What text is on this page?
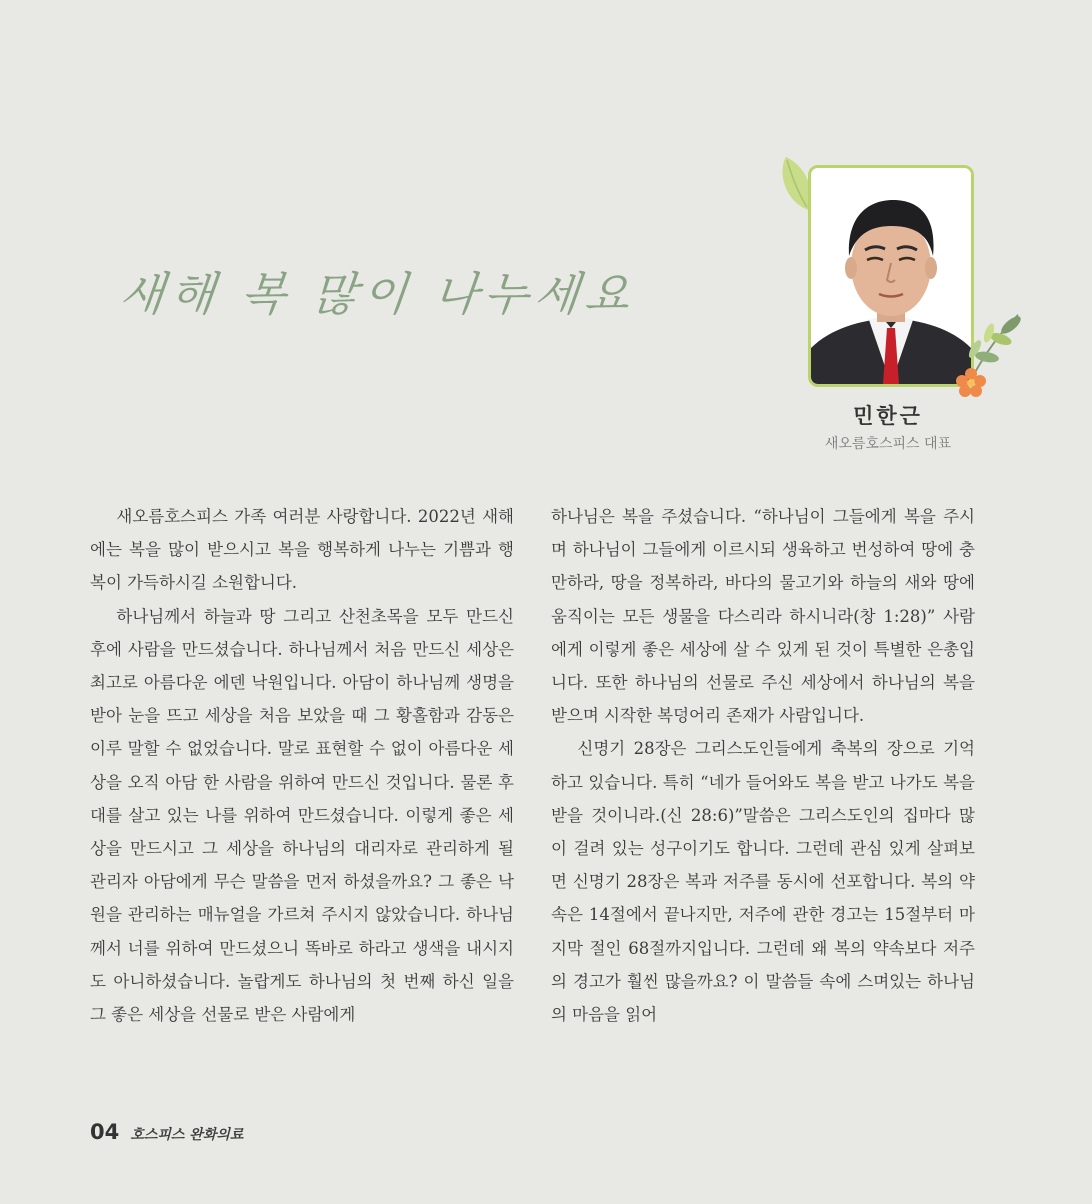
새해 복 많이 나누세요
민한근
새오름호스피스 대표

새오름호스피스 가족 여러분 사랑합니다. 2022년 새해에는 복을 많이 받으시고 복을 행복하게 나누는 기쁨과 행복이 가득하시길 소원합니다.

하나님께서 하늘과 땅 그리고 산천초목을 모두 만드신 후에 사람을 만드셨습니다. 하나님께서 처음 만드신 세상은 최고로 아름다운 에덴 낙원입니다. 아담이 하나님께 생명을 받아 눈을 뜨고 세상을 처음 보았을 때 그 황홀함과 감동은 이루 말할 수 없었습니다. 말로 표현할 수 없이 아름다운 세상을 오직 아담 한 사람을 위하여 만드신 것입니다. 물론 후대를 살고 있는 나를 위하여 만드셨습니다. 이렇게 좋은 세상을 만드시고 그 세상을 하나님의 대리자로 관리하게 될 관리자 아담에게 무슨 말씀을 먼저 하셨을까요? 그 좋은 낙원을 관리하는 매뉴얼을 가르쳐 주시지 않았습니다. 하나님께서 너를 위하여 만드셨으니 똑바로 하라고 생색을 내시지도 아니하셨습니다. 놀랍게도 하나님의 첫 번째 하신 일을 그 좋은 세상을 선물로 받은 사람에게

하나님은 복을 주셨습니다. “하나님이 그들에게 복을 주시며 하나님이 그들에게 이르시되 생육하고 번성하여 땅에 충만하라, 땅을 정복하라, 바다의 물고기와 하늘의 새와 땅에 움직이는 모든 생물을 다스리라 하시니라(창 1:28)” 사람에게 이렇게 좋은 세상에 살 수 있게 된 것이 특별한 은총입니다. 또한 하나님의 선물로 주신 세상에서 하나님의 복을 받으며 시작한 복덩어리 존재가 사람입니다.

신명기 28장은 그리스도인들에게 축복의 장으로 기억하고 있습니다. 특히 “네가 들어와도 복을 받고 나가도 복을 받을 것이니라.(신 28:6)”말씀은 그리스도인의 집마다 많이 걸려 있는 성구이기도 합니다. 그런데 관심 있게 살펴보면 신명기 28장은 복과 저주를 동시에 선포합니다. 복의 약속은 14절에서 끝나지만, 저주에 관한 경고는 15절부터 마지막 절인 68절까지입니다. 그런데 왜 복의 약속보다 저주의 경고가 훨씬 많을까요? 이 말씀들 속에 스며있는 하나님의 마음을 읽어

04 호스피스 완화의료
